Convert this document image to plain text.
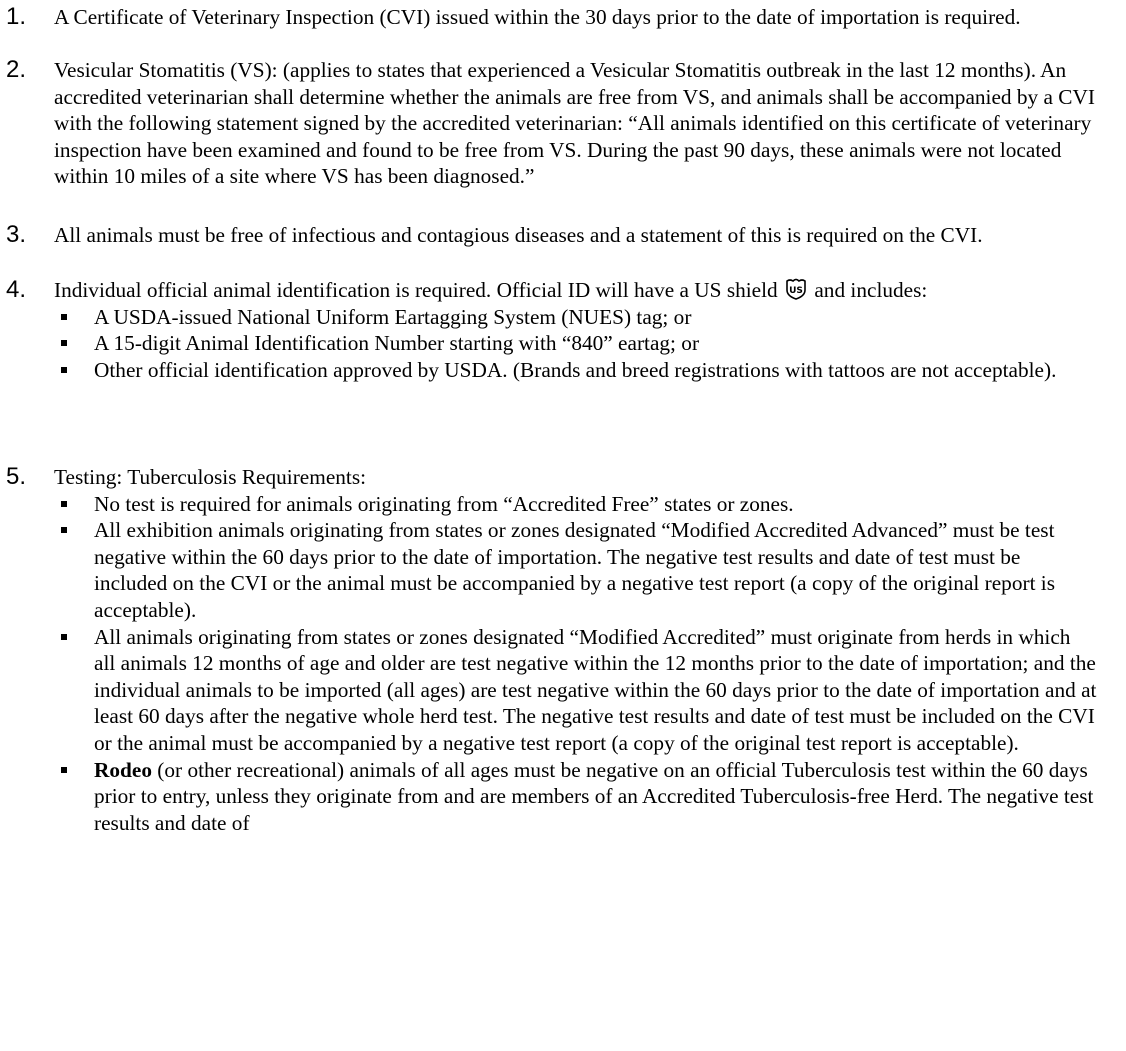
1. A Certificate of Veterinary Inspection (CVI) issued within the 30 days prior to the date of importation is required.

2. Vesicular Stomatitis (VS): (applies to states that experienced a Vesicular Stomatitis outbreak in the last 12 months). An accredited veterinarian shall determine whether the animals are free from VS, and animals shall be accompanied by a CVI with the following statement signed by the accredited veterinarian: “All animals identified on this certificate of veterinary inspection have been examined and found to be free from VS. During the past 90 days, these animals were not located within 10 miles of a site where VS has been diagnosed.”

3. All animals must be free of infectious and contagious diseases and a statement of this is required on the CVI.

4. Individual official animal identification is required. Official ID will have a US shield US and includes:

A USDA-issued National Uniform Eartagging System (NUES) tag; or
A 15-digit Animal Identification Number starting with “840” eartag; or
Other official identification approved by USDA. (Brands and breed registrations with tattoos are not acceptable).
5. Testing: Tuberculosis Requirements:

No test is required for animals originating from “Accredited Free” states or zones.
All exhibition animals originating from states or zones designated “Modified Accredited Advanced” must be test negative within the 60 days prior to the date of importation. The negative test results and date of test must be included on the CVI or the animal must be accompanied by a negative test report (a copy of the original report is acceptable).
All animals originating from states or zones designated “Modified Accredited” must originate from herds in which all animals 12 months of age and older are test negative within the 12 months prior to the date of importation; and the individual animals to be imported (all ages) are test negative within the 60 days prior to the date of importation and at least 60 days after the negative whole herd test. The negative test results and date of test must be included on the CVI or the animal must be accompanied by a negative test report (a copy of the original test report is acceptable).
Rodeo (or other recreational) animals of all ages must be negative on an official Tuberculosis test within the 60 days prior to entry, unless they originate from and are members of an Accredited Tuberculosis-free Herd. The negative test results and date of
